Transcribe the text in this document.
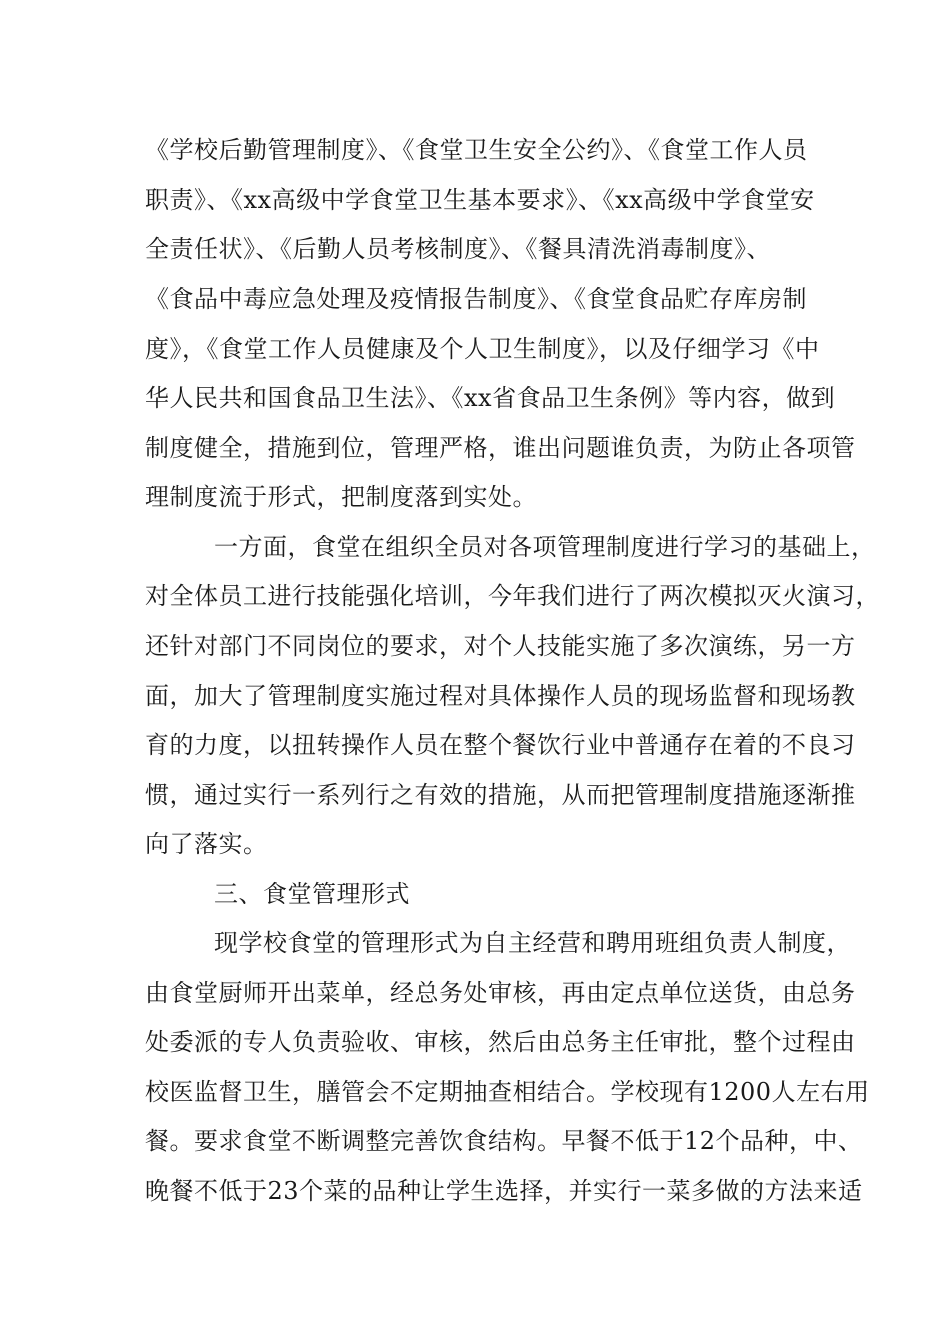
《学校后勤管理制度》、《食堂卫生安全公约》、《食堂工作人员
职责》、《xx高级中学食堂卫生基本要求》、《xx高级中学食堂安
全责任状》、《后勤人员考核制度》、《餐具清洗消毒制度》、
《食品中毒应急处理及疫情报告制度》、《食堂食品贮存库房制
度》，《食堂工作人员健康及个人卫生制度》，以及仔细学习《中
华人民共和国食品卫生法》、《xx省食品卫生条例》等内容，做到
制度健全，措施到位，管理严格，谁出问题谁负责，为防止各项管
理制度流于形式，把制度落到实处。
一方面，食堂在组织全员对各项管理制度进行学习的基础上，
对全体员工进行技能强化培训，今年我们进行了两次模拟灭火演习，
还针对部门不同岗位的要求，对个人技能实施了多次演练，另一方
面，加大了管理制度实施过程对具体操作人员的现场监督和现场教
育的力度，以扭转操作人员在整个餐饮行业中普通存在着的不良习
惯，通过实行一系列行之有效的措施，从而把管理制度措施逐渐推
向了落实。
三、食堂管理形式
现学校食堂的管理形式为自主经营和聘用班组负责人制度，
由食堂厨师开出菜单，经总务处审核，再由定点单位送货，由总务
处委派的专人负责验收、审核，然后由总务主任审批，整个过程由
校医监督卫生，膳管会不定期抽查相结合。学校现有1200人左右用
餐。要求食堂不断调整完善饮食结构。早餐不低于12个品种，中、
晚餐不低于23个菜的品种让学生选择，并实行一菜多做的方法来适
